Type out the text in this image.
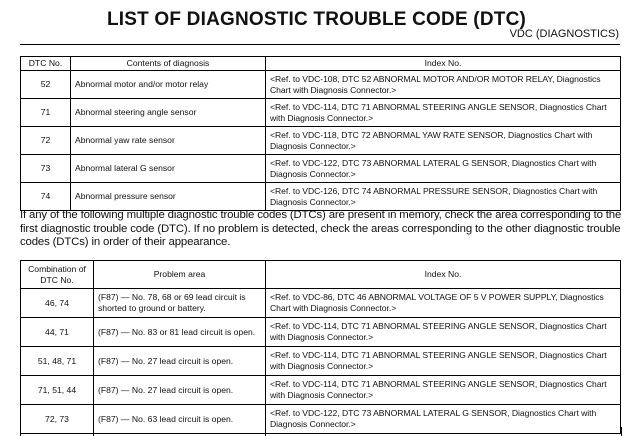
LIST OF DIAGNOSTIC TROUBLE CODE (DTC)
VDC (DIAGNOSTICS)
DTC No.	Contents of diagnosis	Index No.
52	Abnormal motor and/or motor relay	<Ref. to VDC-108, DTC 52 ABNORMAL MOTOR AND/OR MOTOR RELAY, Diagnostics Chart with Diagnosis Connector.>
71	Abnormal steering angle sensor	<Ref. to VDC-114, DTC 71 ABNORMAL STEERING ANGLE SENSOR, Diagnostics Chart with Diagnosis Connector.>
72	Abnormal yaw rate sensor	<Ref. to VDC-118, DTC 72 ABNORMAL YAW RATE SENSOR, Diagnostics Chart with Diagnosis Connector.>
73	Abnormal lateral G sensor	<Ref. to VDC-122, DTC 73 ABNORMAL LATERAL G SENSOR, Diagnostics Chart with Diagnosis Connector.>
74	Abnormal pressure sensor	<Ref. to VDC-126, DTC 74 ABNORMAL PRESSURE SENSOR, Diagnostics Chart with Diagnosis Connector.>
If any of the following multiple diagnostic trouble codes (DTCs) are present in memory, check the area corresponding to the first diagnostic trouble code (DTC). If no problem is detected, check the areas corresponding to the other diagnostic trouble codes (DTCs) in order of their appearance.
Combination of DTC No.	Problem area	Index No.
46, 74	(F87) — No. 78, 68 or 69 lead circuit is shorted to ground or battery.	<Ref. to VDC-86, DTC 46 ABNORMAL VOLTAGE OF 5 V POWER SUPPLY, Diagnostics Chart with Diagnosis Connector.>
44, 71	(F87) — No. 83 or 81 lead circuit is open.	<Ref. to VDC-114, DTC 71 ABNORMAL STEERING ANGLE SENSOR, Diagnostics Chart with Diagnosis Connector.>
51, 48, 71	(F87) — No. 27 lead circuit is open.	<Ref. to VDC-114, DTC 71 ABNORMAL STEERING ANGLE SENSOR, Diagnostics Chart with Diagnosis Connector.>
71, 51, 44	(F87) — No. 27 lead circuit is open.	<Ref. to VDC-114, DTC 71 ABNORMAL STEERING ANGLE SENSOR, Diagnostics Chart with Diagnosis Connector.>
72, 73	(F87) — No. 63 lead circuit is open.	<Ref. to VDC-122, DTC 73 ABNORMAL LATERAL G SENSOR, Diagnostics Chart with Diagnosis Connector.>
